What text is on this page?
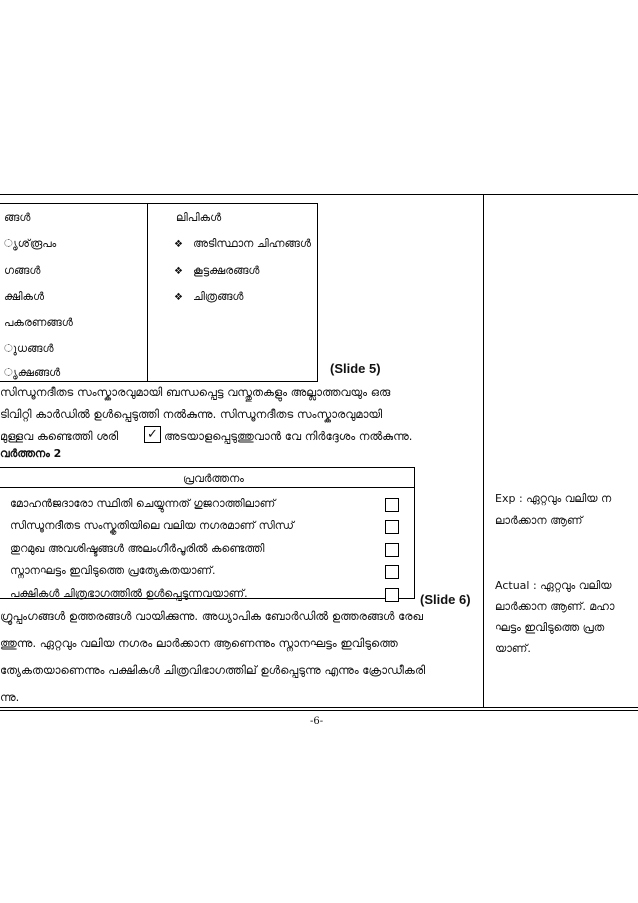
ങ്ങൾ	ലിപികൾ
ൃശ്‌രൂപം
ഗങ്ങൾ
ക്ഷികൾ
പകരണങ്ങൾ
ുധങ്ങൾ
ൃക്ഷങ്ങൾ
❖ അടിസ്ഥാന ചിഹ്നങ്ങൾ
❖ കൂട്ടക്ഷരങ്ങൾ
❖ ചിത്രങ്ങൾ
(Slide 5)
സിന്ധൂനദീതട സംസ്കാരവുമായി ബന്ധപ്പെട്ട വസ്തുതകളും അല്ലാത്തവയും ഒരു
ടിവിറ്റി കാർഡിൽ ഉൾപ്പെടുത്തി നൽകുന്നു. സിന്ധൂനദീതട സംസ്കാരവുമായി
മുള്ളവ കണ്ടെത്തി ശരി ✓ അടയാളപ്പെടുത്തുവാൻ വേ നിർദ്ദേശം നൽകുന്നു.
വർത്തനം 2
പ്രവർത്തനം
മോഹൻജദാരോ സ്ഥിതി ചെയ്യുന്നത് ഗുജറാത്തിലാണ്
സിന്ധൂനദീതട സംസ്കൃതിയിലെ വലിയ നഗരമാണ് സിന്ധ്
തുറമുഖ അവശിഷ്ടങ്ങൾ അലംഗീർപൂരിൽ കണ്ടെത്തി
സ്നാനഘട്ടം ഇവിടുത്തെ പ്രത്യേകതയാണ്.
പക്ഷികൾ ചിത്രഭാഗത്തിൽ ഉൾപ്പെടുന്നവയാണ്.	(Slide 6)
ഗ്രൂപ്പംഗങ്ങൾ ഉത്തരങ്ങൾ വായിക്കുന്നു. അധ്യാപിക ബോർഡിൽ ഉത്തരങ്ങൾ രേഖ
ത്തുന്നു. ഏറ്റവും വലിയ നഗരം ലാർക്കാന ആണെന്നും സ്നാനഘട്ടം ഇവിടുത്തെ
ത്യേകതയാണെന്നും പക്ഷികൾ ചിത്രവിഭാഗത്തില് ഉൾപ്പെടുന്നു എന്നും ക്രോഡീകരി
ന്നു.
Exp : ഏറ്റവും വലിയ ന
ലാർക്കാന ആണ്
Actual : ഏറ്റവും വലിയ
ലാർക്കാന ആണ്. മഹാ
ഘട്ടം ഇവിടുത്തെ പ്രത
യാണ്.
-6-
